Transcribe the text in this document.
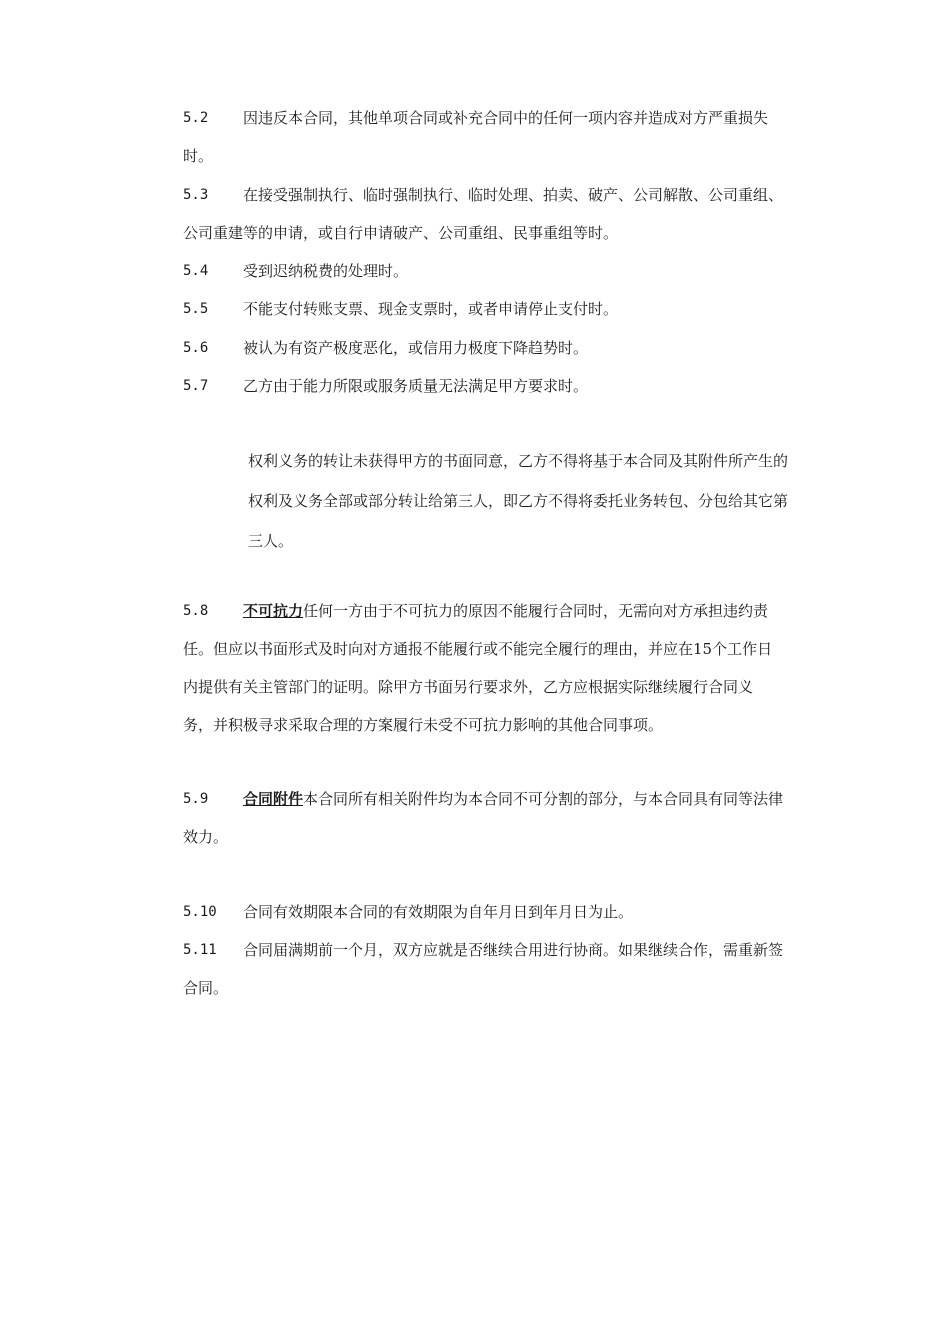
5.2	因违反本合同，其他单项合同或补充合同中的任何一项内容并造成对方严重损失
时。
5.3	在接受强制执行、临时强制执行、临时处理、拍卖、破产、公司解散、公司重组、
公司重建等的申请，或自行申请破产、公司重组、民事重组等时。
5.4	受到迟纳税费的处理时。
5.5	不能支付转账支票、现金支票时，或者申请停止支付时。
5.6	被认为有资产极度恶化，或信用力极度下降趋势时。
5.7	乙方由于能力所限或服务质量无法满足甲方要求时。
权利义务的转让未获得甲方的书面同意，乙方不得将基于本合同及其附件所产生的
权利及义务全部或部分转让给第三人，即乙方不得将委托业务转包、分包给其它第
三人。
5.8	不可抗力任何一方由于不可抗力的原因不能履行合同时，无需向对方承担违约责
任。但应以书面形式及时向对方通报不能履行或不能完全履行的理由，并应在15个工作日
内提供有关主管部门的证明。除甲方书面另行要求外，乙方应根据实际继续履行合同义
务，并积极寻求采取合理的方案履行未受不可抗力影响的其他合同事项。
5.9	合同附件本合同所有相关附件均为本合同不可分割的部分，与本合同具有同等法律
效力。
5.10	合同有效期限本合同的有效期限为自年月日到年月日为止。
5.11	合同届满期前一个月，双方应就是否继续合用进行协商。如果继续合作，需重新签
合同。
